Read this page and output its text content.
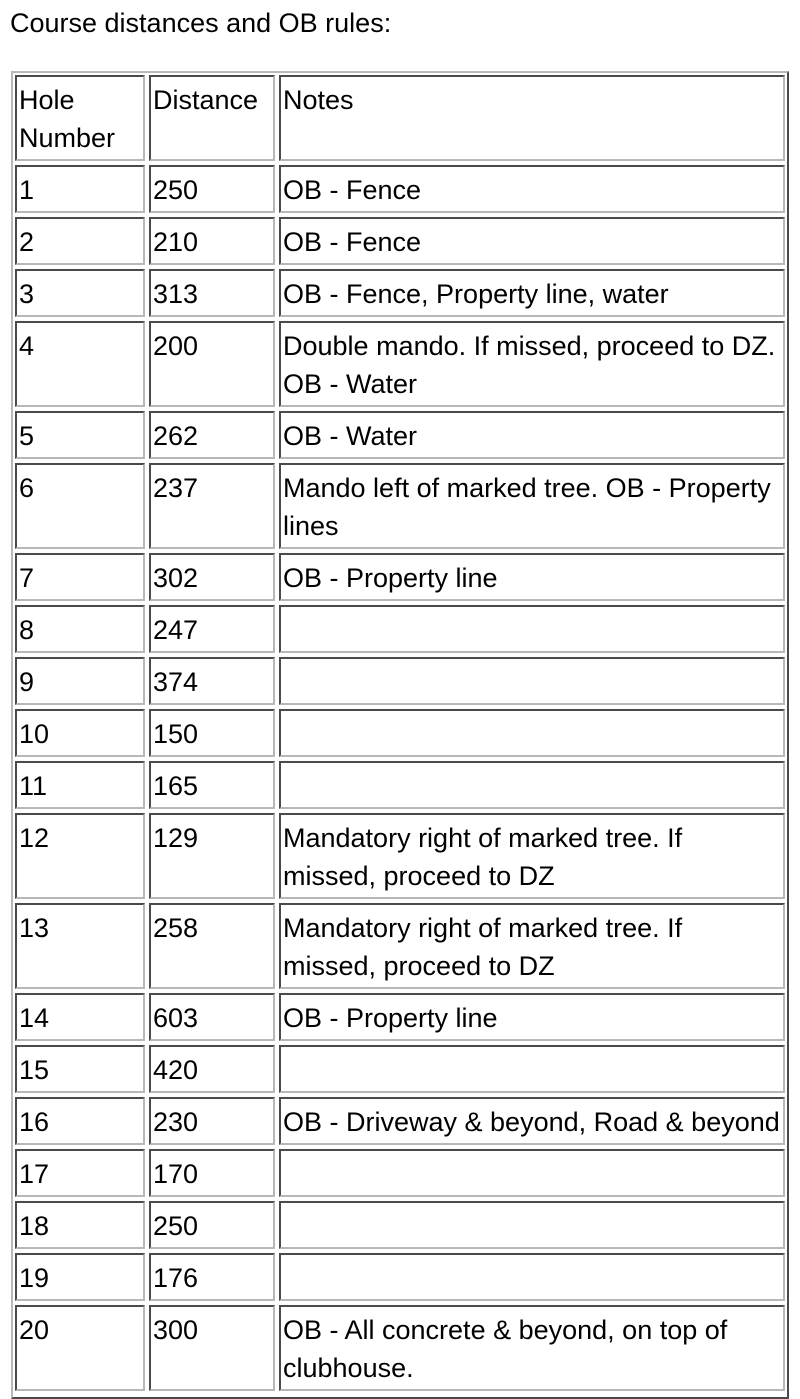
Course distances and OB rules:
Hole Number	Distance	Notes
1	250	OB - Fence
2	210	OB - Fence
3	313	OB - Fence, Property line, water
4	200	Double mando. If missed, proceed to DZ. OB - Water
5	262	OB - Water
6	237	Mando left of marked tree. OB - Property lines
7	302	OB - Property line
8	247	
9	374	
10	150	
11	165	
12	129	Mandatory right of marked tree. If missed, proceed to DZ
13	258	Mandatory right of marked tree. If missed, proceed to DZ
14	603	OB - Property line
15	420	
16	230	OB - Driveway & beyond, Road & beyond
17	170	
18	250	
19	176	
20	300	OB - All concrete & beyond, on top of clubhouse.
